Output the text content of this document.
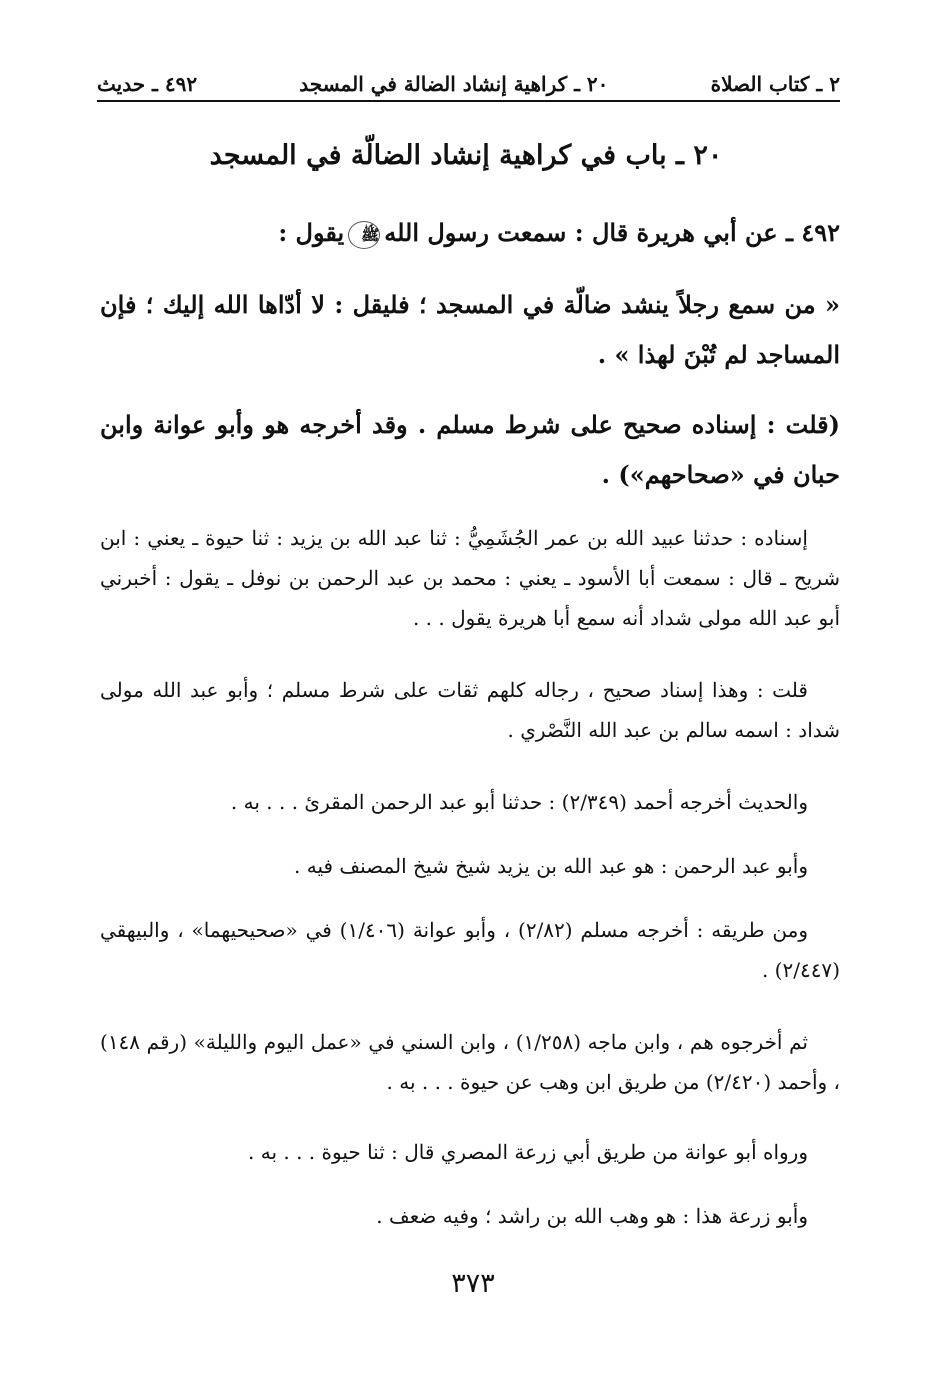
٢ ـ كتاب الصلاة
٢٠ ـ كراهية إنشاد الضالة في المسجد
٤٩٢ ـ حديث

٢٠ ـ باب في كراهية إنشاد الضالّة في المسجد

٤٩٢ ـ عن أبي هريرة قال : سمعت رسول اللهﷺيقول :

« من سمع رجلاً ينشد ضالّة في المسجد ؛ فليقل : لا أدّاها الله إليك ؛ فإن المساجد لم تُبْنَ لهذا » .

(قلت : إسناده صحيح على شرط مسلم . وقد أخرجه هو وأبو عوانة وابن حبان في «صحاحهم») .

إسناده : حدثنا عبيد الله بن عمر الجُشَمِيُّ : ثنا عبد الله بن يزيد : ثنا حيوة ـ يعني : ابن شريح ـ قال : سمعت أبا الأسود ـ يعني : محمد بن عبد الرحمن بن نوفل ـ يقول : أخبرني أبو عبد الله مولى شداد أنه سمع أبا هريرة يقول . . .

قلت : وهذا إسناد صحيح ، رجاله كلهم ثقات على شرط مسلم ؛ وأبو عبد الله مولى شداد : اسمه سالم بن عبد الله النَّصْري .

والحديث أخرجه أحمد (٢/٣٤٩) : حدثنا أبو عبد الرحمن المقرئ . . . به .

وأبو عبد الرحمن : هو عبد الله بن يزيد شيخ شيخ المصنف فيه .

ومن طريقه : أخرجه مسلم (٢/٨٢) ، وأبو عوانة (١/٤٠٦) في «صحيحيهما» ، والبيهقي (٢/٤٤٧) .

ثم أخرجوه هم ، وابن ماجه (١/٢٥٨) ، وابن السني في «عمل اليوم والليلة» (رقم ١٤٨) ، وأحمد (٢/٤٢٠) من طريق ابن وهب عن حيوة . . . به .

ورواه أبو عوانة من طريق أبي زرعة المصري قال : ثنا حيوة . . . به .

وأبو زرعة هذا : هو وهب الله بن راشد ؛ وفيه ضعف .

٣٧٣
